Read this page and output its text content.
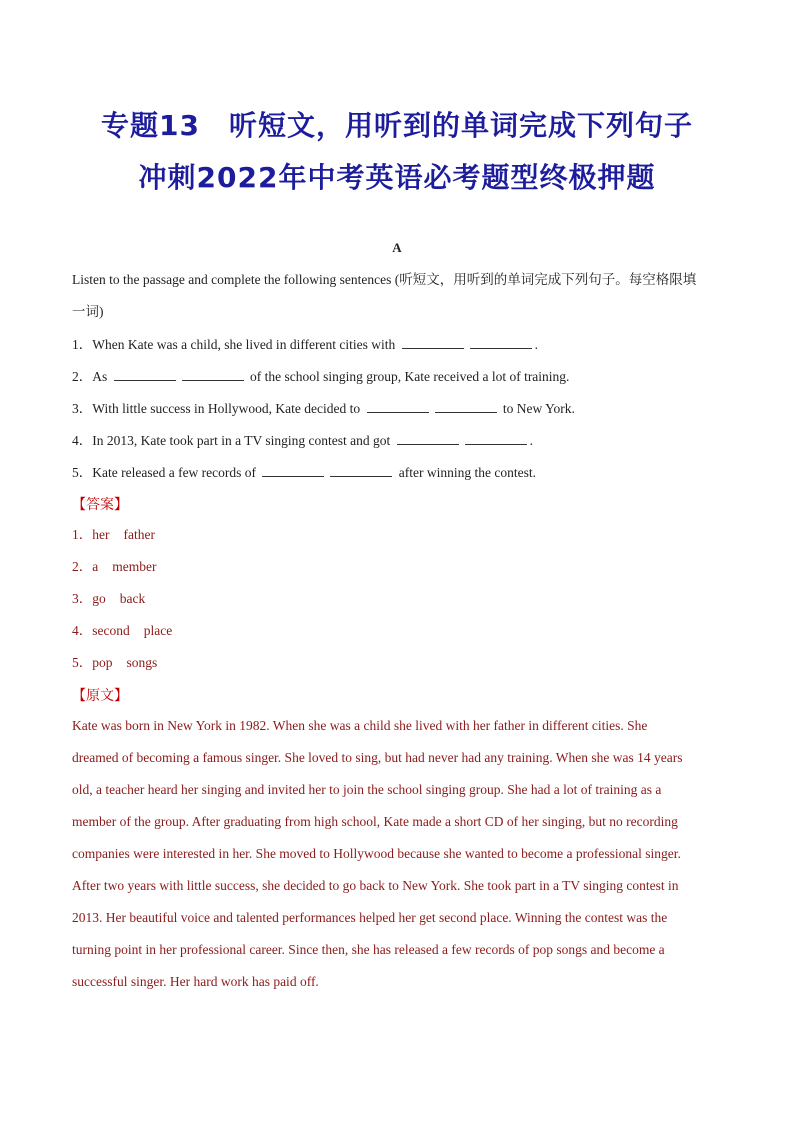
专题13　听短文，用听到的单词完成下列句子
冲刺2022年中考英语必考题型终极押题
A
Listen to the passage and complete the following sentences (听短文，用听到的单词完成下列句子。每空格限填
一词)
1．When Kate was a child, she lived in different cities with	.
2．As	of the school singing group, Kate received a lot of training.
3．With little success in Hollywood, Kate decided to	to New York.
4．In 2013, Kate took part in a TV singing contest and got	.
5．Kate released a few records of	after winning the contest.
【答案】
1．her father
2．a member
3．go back
4．second place
5．pop songs
【原文】
Kate was born in New York in 1982. When she was a child she lived with her father in different cities. She
dreamed of becoming a famous singer. She loved to sing, but had never had any training. When she was 14 years
old, a teacher heard her singing and invited her to join the school singing group. She had a lot of training as a
member of the group. After graduating from high school, Kate made a short CD of her singing, but no recording
companies were interested in her. She moved to Hollywood because she wanted to become a professional singer.
After two years with little success, she decided to go back to New York. She took part in a TV singing contest in
2013. Her beautiful voice and talented performances helped her get second place. Winning the contest was the
turning point in her professional career. Since then, she has released a few records of pop songs and become a
successful singer. Her hard work has paid off.
